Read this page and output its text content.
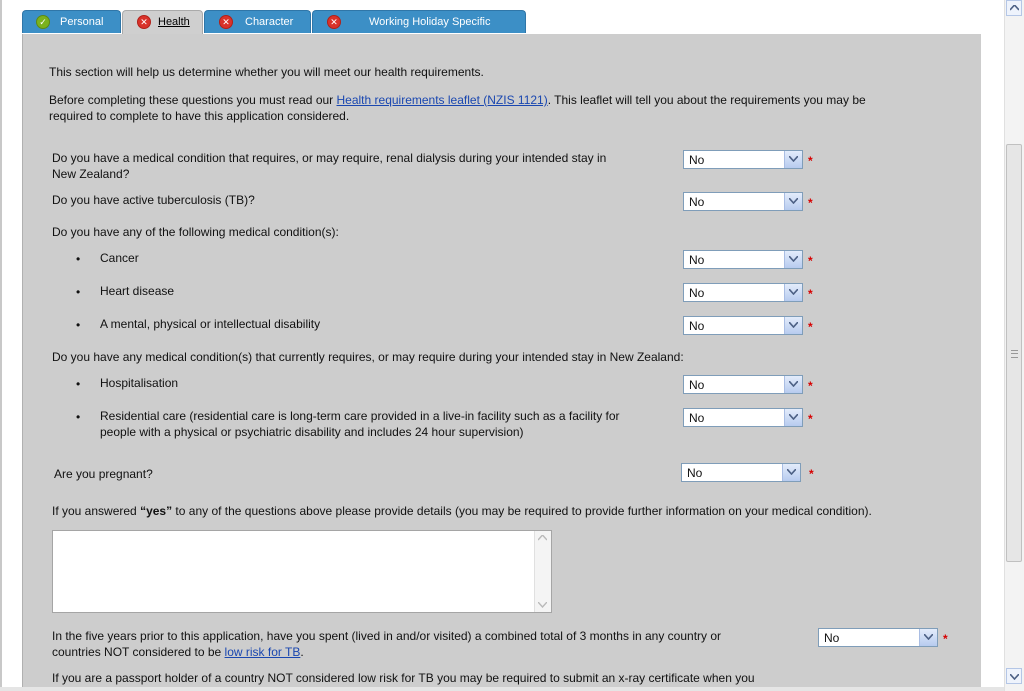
✓ Personal	✕ Health	✕ Character	✕	Working Holiday Specific
This section will help us determine whether you will meet our health requirements.
Before completing these questions you must read our Health requirements leaflet (NZIS 1121). This leaflet will tell you about the requirements you may be
required to complete to have this application considered.
Do you have a medical condition that requires, or may require, renal dialysis during your intended stay in
New Zealand?
No	*
Do you have active tuberculosis (TB)?	No	*
Do you have any of the following medical condition(s):
• Cancer	No	*
• Heart disease	No	*
• A mental, physical or intellectual disability	No	*
Do you have any medical condition(s) that currently requires, or may require during your intended stay in New Zealand:
• Hospitalisation	No	*
• Residential care (residential care is long-term care provided in a live-in facility such as a facility for
people with a physical or psychiatric disability and includes 24 hour supervision)
No	*
Are you pregnant?	No	*
If you answered “yes” to any of the questions above please provide details (you may be required to provide further information on your medical condition).
In the five years prior to this application, have you spent (lived in and/or visited) a combined total of 3 months in any country or
countries NOT considered to be low risk for TB.
No	*
If you are a passport holder of a country NOT considered low risk for TB you may be required to submit an x-ray certificate when you
